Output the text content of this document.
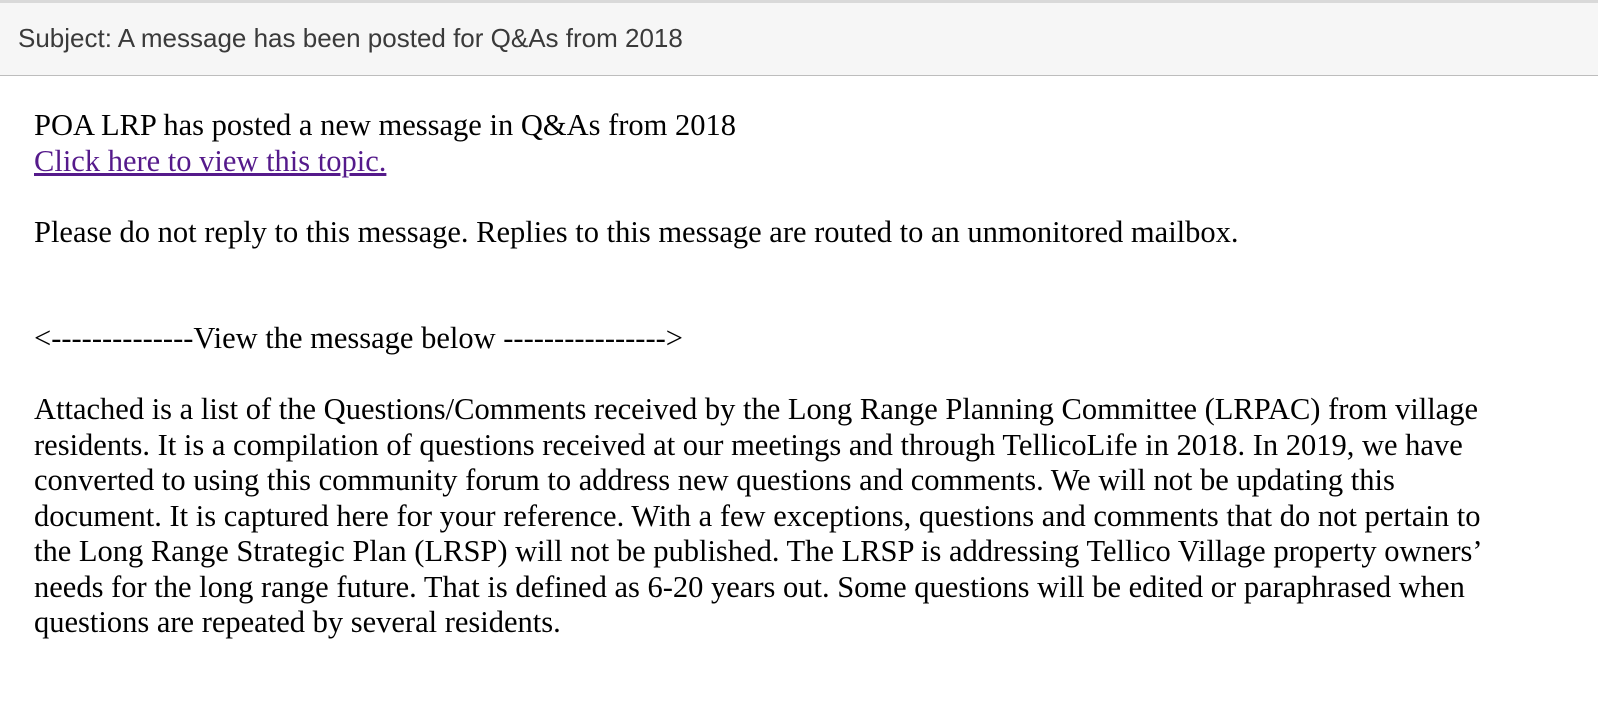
Subject: A message has been posted for Q&As from 2018
POA LRP has posted a new message in Q&As from 2018
Click here to view this topic.
Please do not reply to this message. Replies to this message are routed to an unmonitored mailbox.
<--------------View the message below ---------------->
Attached is a list of the Questions/Comments received by the Long Range Planning Committee (LRPAC) from village
residents. It is a compilation of questions received at our meetings and through TellicoLife in 2018. In 2019, we have
converted to using this community forum to address new questions and comments. We will not be updating this
document. It is captured here for your reference. With a few exceptions, questions and comments that do not pertain to
the Long Range Strategic Plan (LRSP) will not be published. The LRSP is addressing Tellico Village property owners’
needs for the long range future. That is defined as 6-20 years out. Some questions will be edited or paraphrased when
questions are repeated by several residents.
